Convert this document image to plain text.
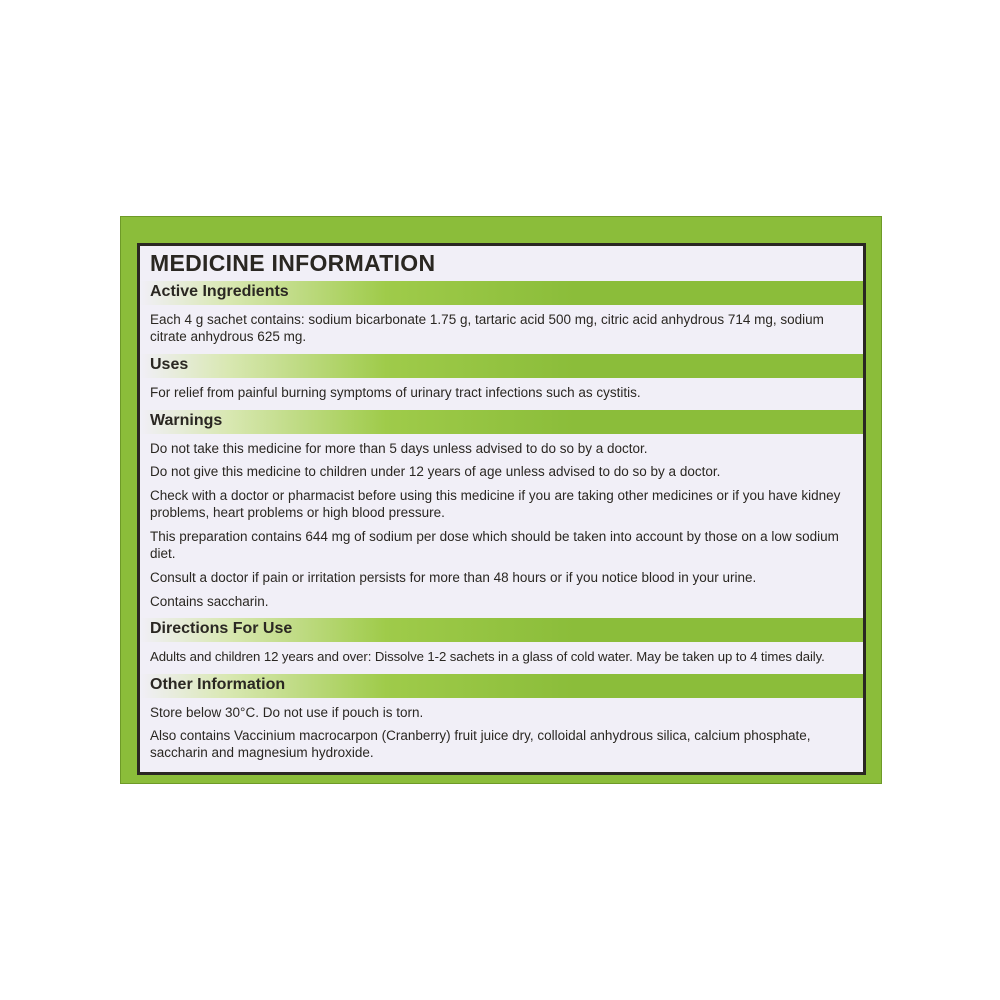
MEDICINE INFORMATION
Active Ingredients

Each 4 g sachet contains: sodium bicarbonate 1.75 g, tartaric acid 500 mg, citric acid anhydrous 714 mg, sodium citrate anhydrous 625 mg.

Uses

For relief from painful burning symptoms of urinary tract infections such as cystitis.

Warnings

Do not take this medicine for more than 5 days unless advised to do so by a doctor.

Do not give this medicine to children under 12 years of age unless advised to do so by a doctor.

Check with a doctor or pharmacist before using this medicine if you are taking other medicines or if you have kidney problems, heart problems or high blood pressure.

This preparation contains 644 mg of sodium per dose which should be taken into account by those on a low sodium diet.

Consult a doctor if pain or irritation persists for more than 48 hours or if you notice blood in your urine.

Contains saccharin.

Directions For Use

Adults and children 12 years and over: Dissolve 1-2 sachets in a glass of cold water. May be taken up to 4 times daily.

Other Information

Store below 30°C. Do not use if pouch is torn.

Also contains Vaccinium macrocarpon (Cranberry) fruit juice dry, colloidal anhydrous silica, calcium phosphate, saccharin and magnesium hydroxide.
